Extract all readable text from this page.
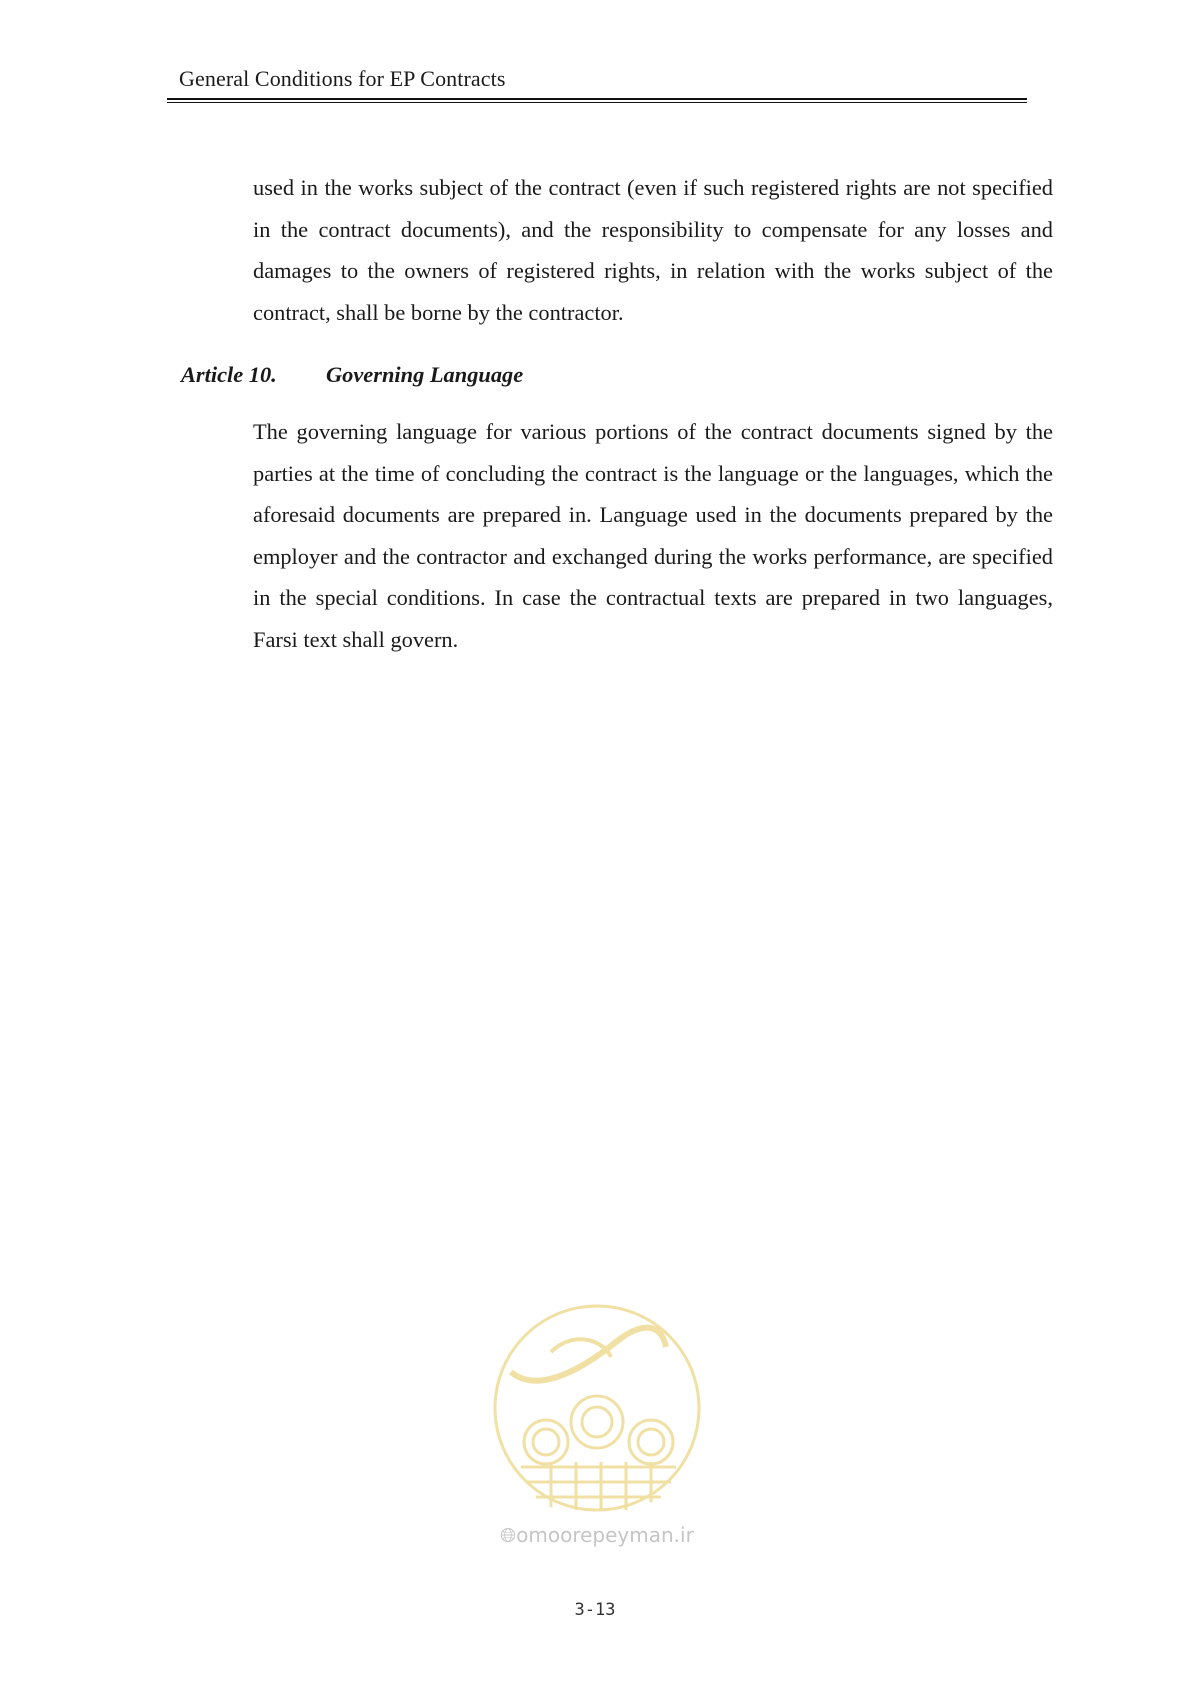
General Conditions for EP Contracts

used in the works subject of the contract (even if such registered rights are not specified in the contract documents), and the responsibility to compensate for any losses and damages to the owners of registered rights, in relation with the works subject of the contract, shall be borne by the contractor.

Article 10. Governing Language

The governing language for various portions of the contract documents signed by the parties at the time of concluding the contract is the language or the languages, which the aforesaid documents are prepared in. Language used in the documents prepared by the employer and the contractor and exchanged during the works performance, are specified in the special conditions. In case the contractual texts are prepared in two languages, Farsi text shall govern.

🌐︎omoorepeyman.ir
3-13
